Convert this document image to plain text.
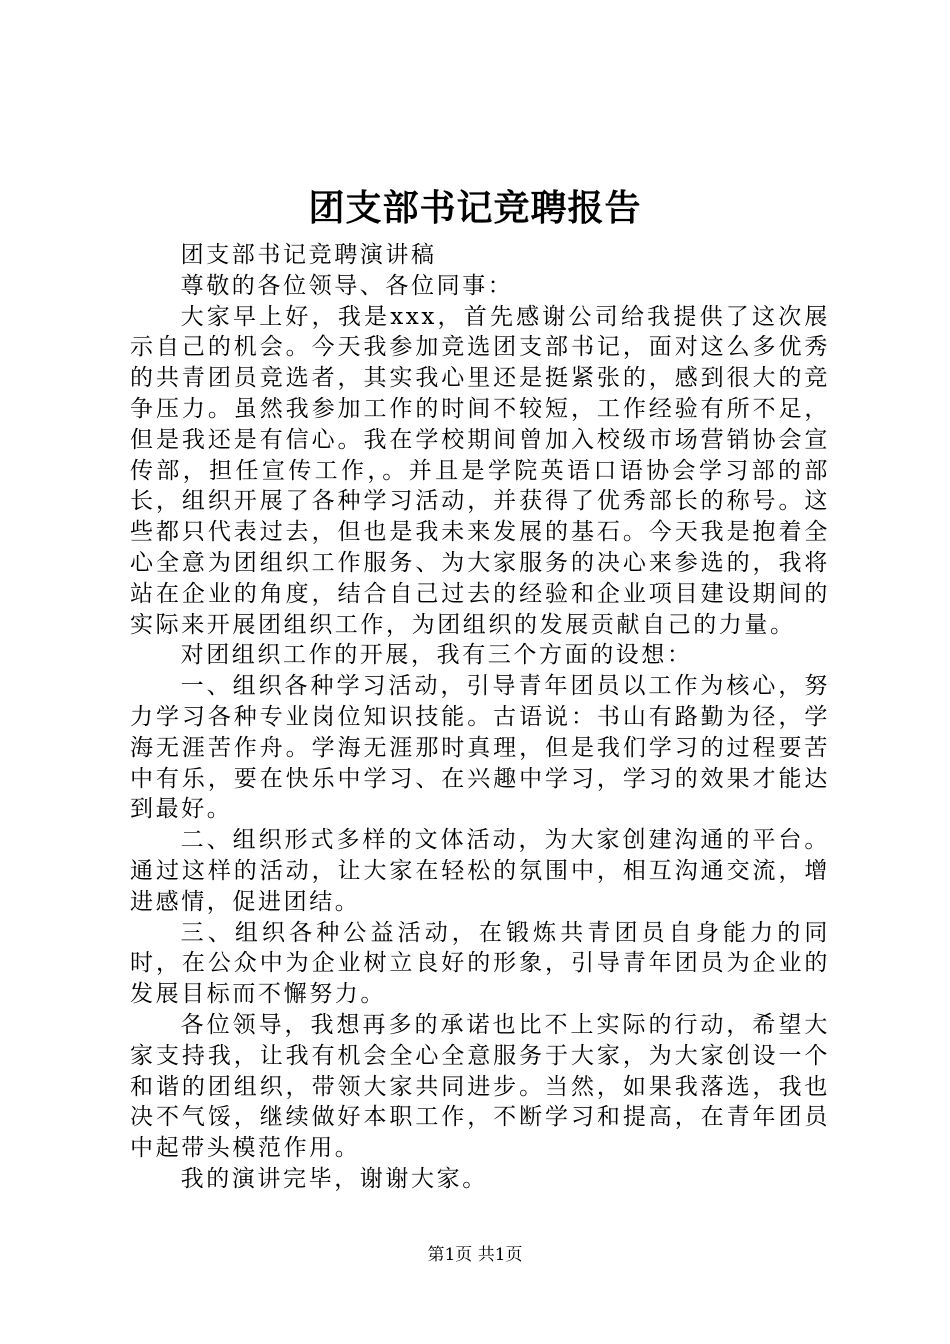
团支部书记竞聘报告

团支部书记竞聘演讲稿

尊敬的各位领导、各位同事：

大家早上好，我是xxx，首先感谢公司给我提供了这次展示自己的机会。今天我参加竞选团支部书记，面对这么多优秀的共青团员竞选者，其实我心里还是挺紧张的，感到很大的竞争压力。虽然我参加工作的时间不较短，工作经验有所不足，但是我还是有信心。我在学校期间曾加入校级市场营销协会宣传部，担任宣传工作，。并且是学院英语口语协会学习部的部长，组织开展了各种学习活动，并获得了优秀部长的称号。这些都只代表过去，但也是我未来发展的基石。今天我是抱着全心全意为团组织工作服务、为大家服务的决心来参选的，我将站在企业的角度，结合自己过去的经验和企业项目建设期间的实际来开展团组织工作，为团组织的发展贡献自己的力量。

对团组织工作的开展，我有三个方面的设想：

一、组织各种学习活动，引导青年团员以工作为核心，努力学习各种专业岗位知识技能。古语说：书山有路勤为径，学海无涯苦作舟。学海无涯那时真理，但是我们学习的过程要苦中有乐，要在快乐中学习、在兴趣中学习，学习的效果才能达到最好。

二、组织形式多样的文体活动，为大家创建沟通的平台。通过这样的活动，让大家在轻松的氛围中，相互沟通交流，增进感情，促进团结。

三、组织各种公益活动，在锻炼共青团员自身能力的同时，在公众中为企业树立良好的形象，引导青年团员为企业的发展目标而不懈努力。

各位领导，我想再多的承诺也比不上实际的行动，希望大家支持我，让我有机会全心全意服务于大家，为大家创设一个和谐的团组织，带领大家共同进步。当然，如果我落选，我也决不气馁，继续做好本职工作，不断学习和提高，在青年团员中起带头模范作用。

我的演讲完毕，谢谢大家。

第1页 共1页
